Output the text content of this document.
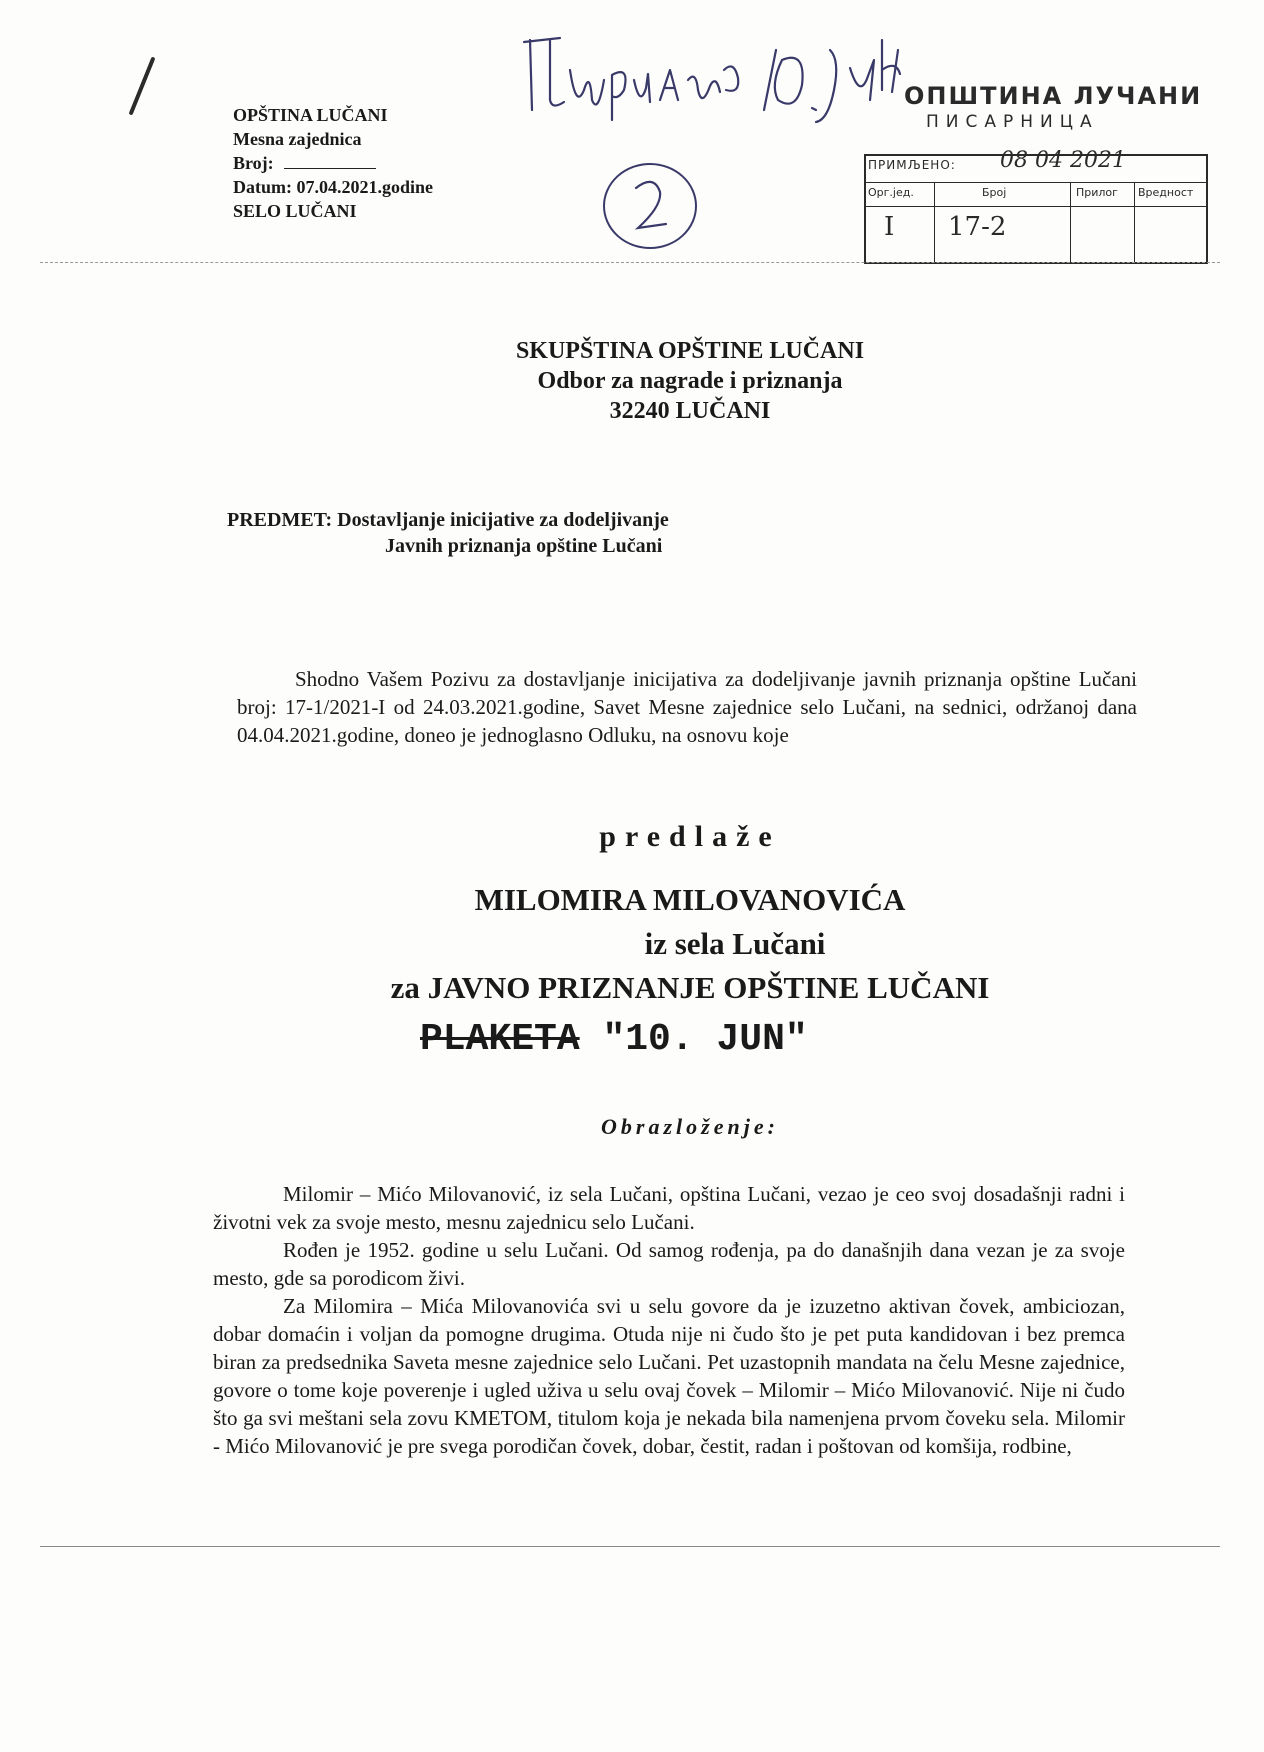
OPŠTINA LUČANI
Mesna zajednica
Broj:
Datum: 07.04.2021.godine
SELO LUČANI
ОПШТИНА ЛУЧАНИ
ПИСАРНИЦА
ПРИМЉЕНО: 08 04 2021
Орг.јед.	Број	Прилог Вредност
I 17-2
SKUPŠTINA OPŠTINE LUČANI
Odbor za nagrade i priznanja
32240 LUČANI
PREDMET: Dostavljanje inicijative za dodeljivanje
Javnih priznanja opštine Lučani
Shodno Vašem Pozivu za dostavljanje inicijativa za dodeljivanje javnih priznanja opštine Lučani broj: 17-1/2021-I od 24.03.2021.godine, Savet Mesne zajednice selo Lučani, na sednici, održanoj dana 04.04.2021.godine, doneo je jednoglasno Odluku, na osnovu koje
predlaže
MILOMIRA MILOVANOVIĆA
iz sela Lučani
za JAVNO PRIZNANJE OPŠTINE LUČANI
PLAKETA "10. JUN"
Obrazloženje:

Milomir – Mićo Milovanović, iz sela Lučani, opština Lučani, vezao je ceo svoj dosadašnji radni i životni vek za svoje mesto, mesnu zajednicu selo Lučani.

Rođen je 1952. godine u selu Lučani. Od samog rođenja, pa do današnjih dana vezan je za svoje mesto, gde sa porodicom živi.

Za Milomira – Mića Milovanovića svi u selu govore da je izuzetno aktivan čovek, ambiciozan, dobar domaćin i voljan da pomogne drugima. Otuda nije ni čudo što je pet puta kandidovan i bez premca biran za predsednika Saveta mesne zajednice selo Lučani. Pet uzastopnih mandata na čelu Mesne zajednice, govore o tome koje poverenje i ugled uživa u selu ovaj čovek – Milomir – Mićo Milovanović. Nije ni čudo što ga svi meštani sela zovu KMETOM, titulom koja je nekada bila namenjena prvom čoveku sela. Milomir - Mićo Milovanović je pre svega porodičan čovek, dobar, čestit, radan i poštovan od komšija, rodbine,
